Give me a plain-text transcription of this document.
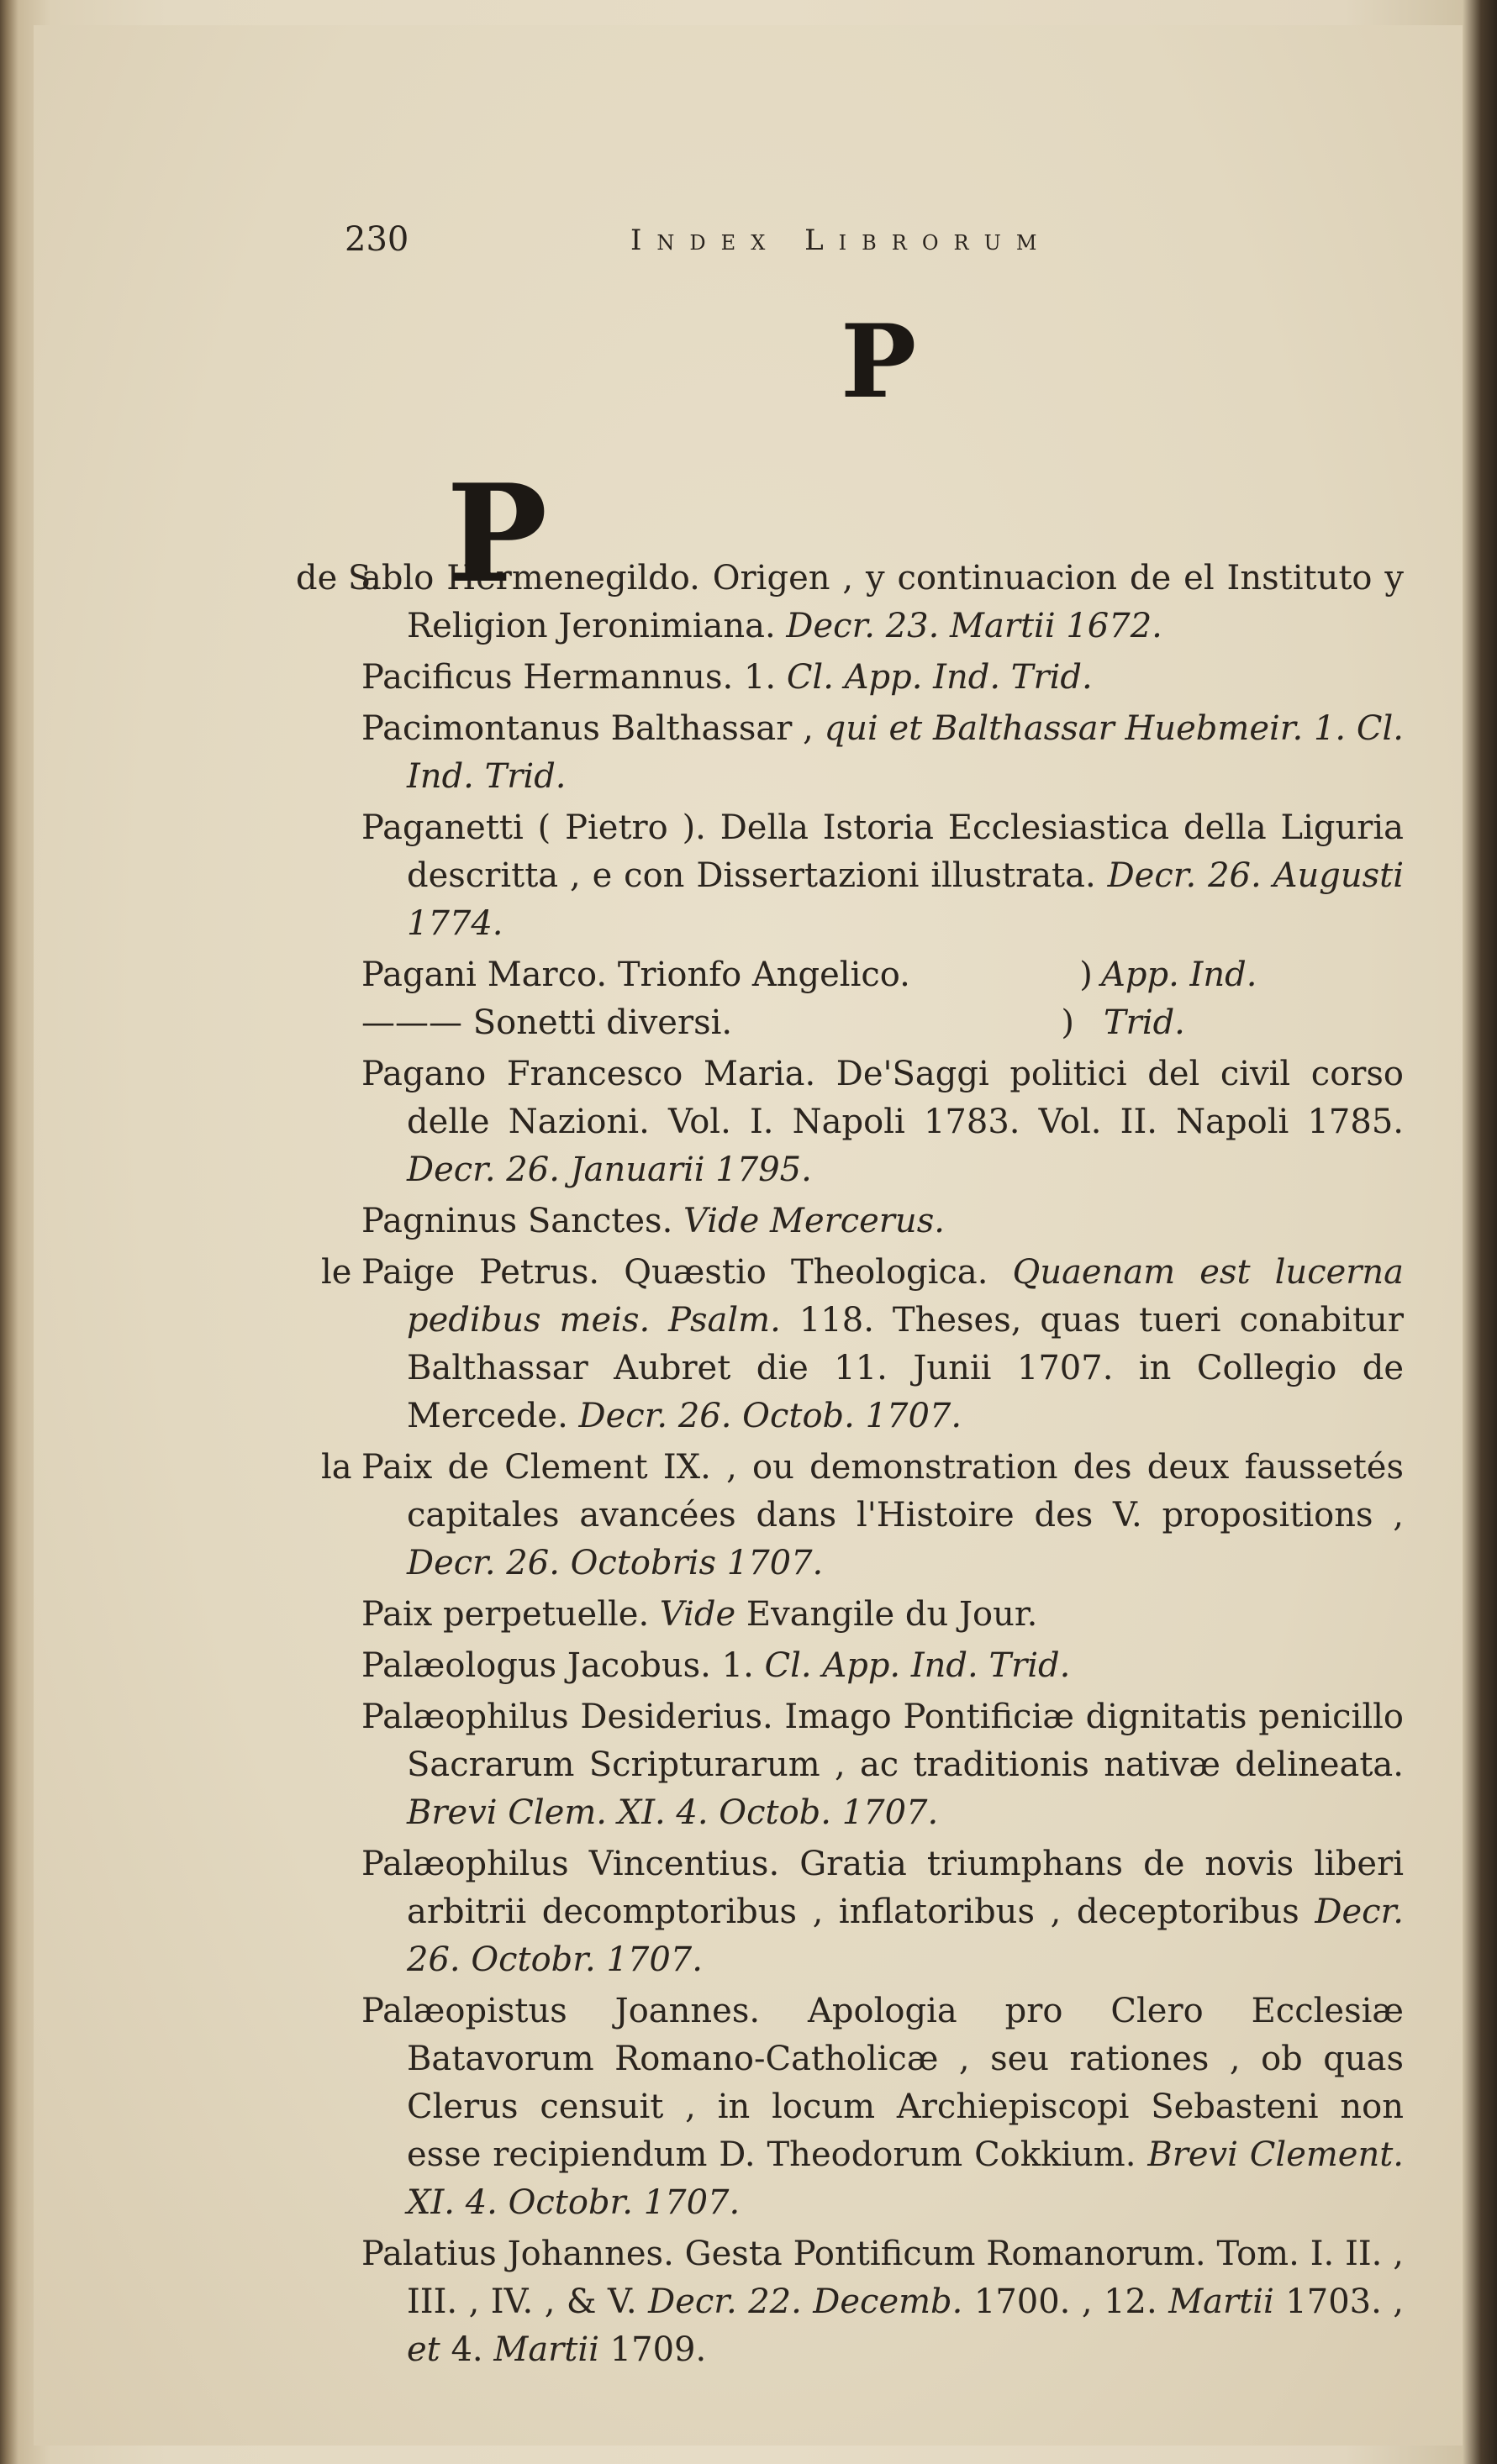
230	Index Librorum
P

P
de S.
ablo Hermenegildo. Origen , y continuacion de el Instituto y Religion Jeronimiana. Decr. 23. Martii 1672.

Pacificus Hermannus. 1. Cl. App. Ind. Trid.

Pacimontanus Balthassar , qui et Balthassar Huebmeir. 1. Cl. Ind. Trid.

Paganetti ( Pietro ). Della Istoria Ecclesiastica della Liguria descritta , e con Dissertazioni illustrata. Decr. 26. Augusti 1774.

Pagani Marco. Trionfo Angelico.	) App. Ind.
——— Sonetti diversi.	) Trid.

Pagano Francesco Maria. De'Saggi politici del civil corso delle Nazioni. Vol. I. Napoli 1783. Vol. II. Napoli 1785. Decr. 26. Januarii 1795.

Pagninus Sanctes. Vide Mercerus.

le Paige Petrus. Quæstio Theologica. Quaenam est lucerna pedibus meis. Psalm. 118. Theses, quas tueri conabitur Balthassar Aubret die 11. Junii 1707. in Collegio de Mercede. Decr. 26. Octob. 1707.

la Paix de Clement IX. , ou demonstration des deux faussetés capitales avancées dans l'Histoire des V. propositions , Decr. 26. Octobris 1707.

Paix perpetuelle. Vide Evangile du Jour.

Palæologus Jacobus. 1. Cl. App. Ind. Trid.

Palæophilus Desiderius. Imago Pontificiæ dignitatis penicillo Sacrarum Scripturarum , ac traditionis nativæ delineata. Brevi Clem. XI. 4. Octob. 1707.

Palæophilus Vincentius. Gratia triumphans de novis liberi arbitrii decomptoribus , inflatoribus , deceptoribus Decr. 26. Octobr. 1707.

Palæopistus Joannes. Apologia pro Clero Ecclesiæ Batavorum Romano-Catholicæ , seu rationes , ob quas Clerus censuit , in locum Archiepiscopi Sebasteni non esse recipiendum D. Theodorum Cokkium. Brevi Clement. XI. 4. Octobr. 1707.

Palatius Johannes. Gesta Pontificum Romanorum. Tom. I. II. , III. , IV. , & V. Decr. 22. Decemb. 1700. , 12. Martii 1703. , et 4. Martii 1709.
